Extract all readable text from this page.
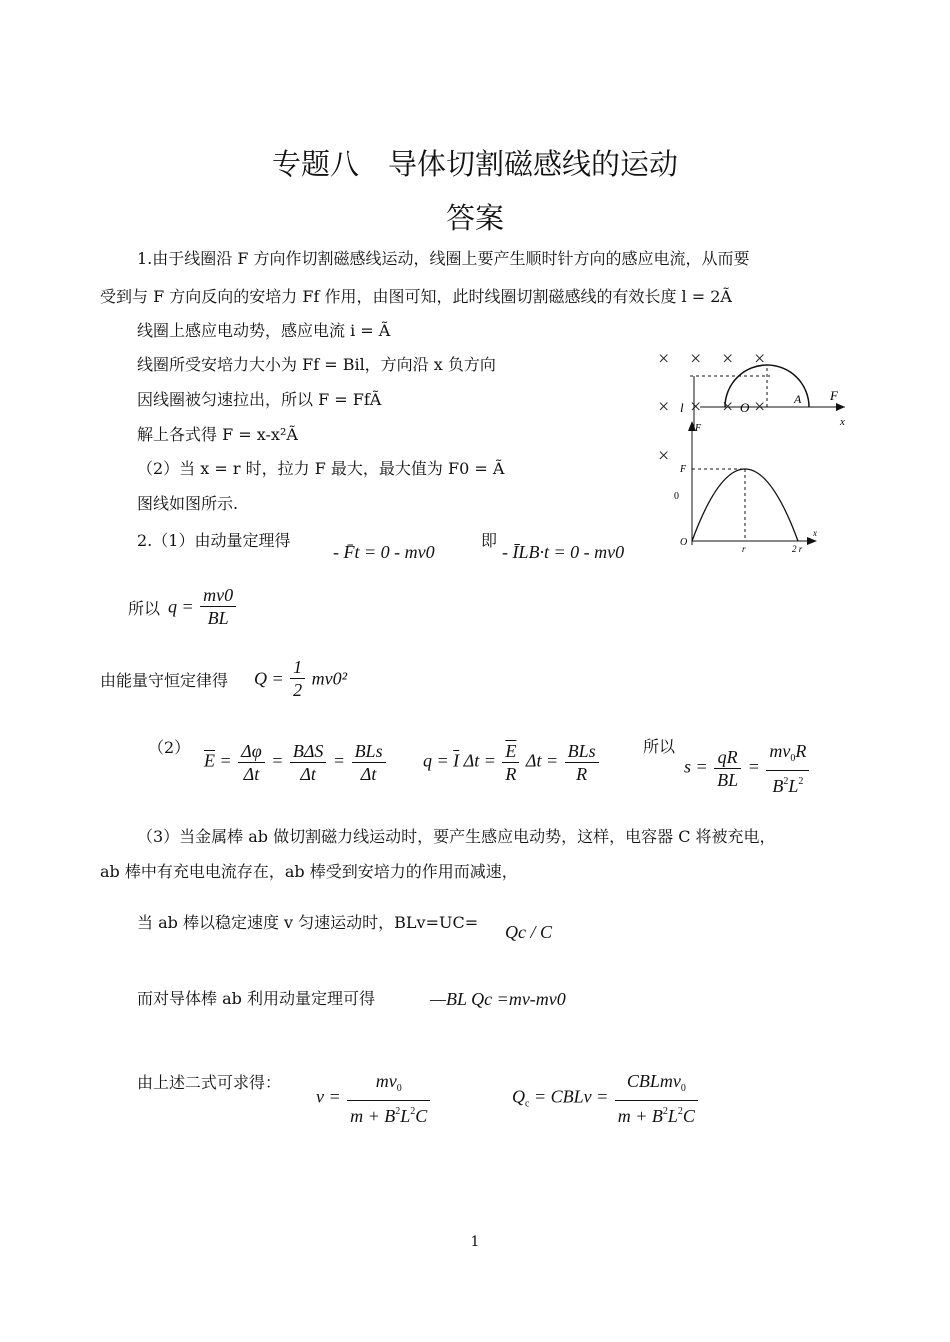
专题八　导体切割磁感线的运动
答案
1.由于线圈沿 F 方向作切割磁感线运动，线圈上要产生顺时针方向的感应电流，从而要
受到与 F 方向反向的安培力 Ff 作用，由图可知，此时线圈切割磁感线的有效长度 l = 2Ã
线圈上感应电动势，感应电流 i = Ã
线圈所受安培力大小为 Ff = Bil，方向沿 x 负方向
因线圈被匀速拉出，所以 F = FfÃ
解上各式得 F = x-x²Ã
（2）当 x = r 时，拉力 F 最大，最大值为 F0 = Ã
图线如图所示.
× × × ×
× × × ×
×
l	O
A F
x
F
F
0
O
r	2 r
x
2.（1）由动量定理得
- F̄t = 0 - mv0
即
- ĪLB·t = 0 - mv0
所以 $q = \frac{mv0}{BL}$
由能量守恒定律得 $Q = \frac{1}{2} mv0^2$
（2）
$\overline{E} = \frac{\Delta\varphi}{\Delta t} = \frac{\text{BΔS}}{\Delta t} = \frac{\text{BLs}}{\Delta t}$ $q = \overline{I}$ $\Delta t = \frac{\overline{E}}{R}$ $\Delta t = \frac{\text{BLs}}{R}$	所以
$s = \frac{qR}{BL} = \frac{mv_0R}{B^2L^2}$
（3）当金属棒 ab 做切割磁力线运动时，要产生感应电动势，这样，电容器 C 将被充电，
ab 棒中有充电电流存在，ab 棒受到安培力的作用而减速，
当 ab 棒以稳定速度 v 匀速运动时，BLv=UC= Qc / C
而对导体棒 ab 利用动量定理可得	—BL Qc =mv-mv0
由上述二式可求得：
$v = \frac{mv_0}{m + B^2L^2C}$	$Q_c$ = CBLv = $\frac{CBLmv_0}{m + B^2L^2C}$
1
